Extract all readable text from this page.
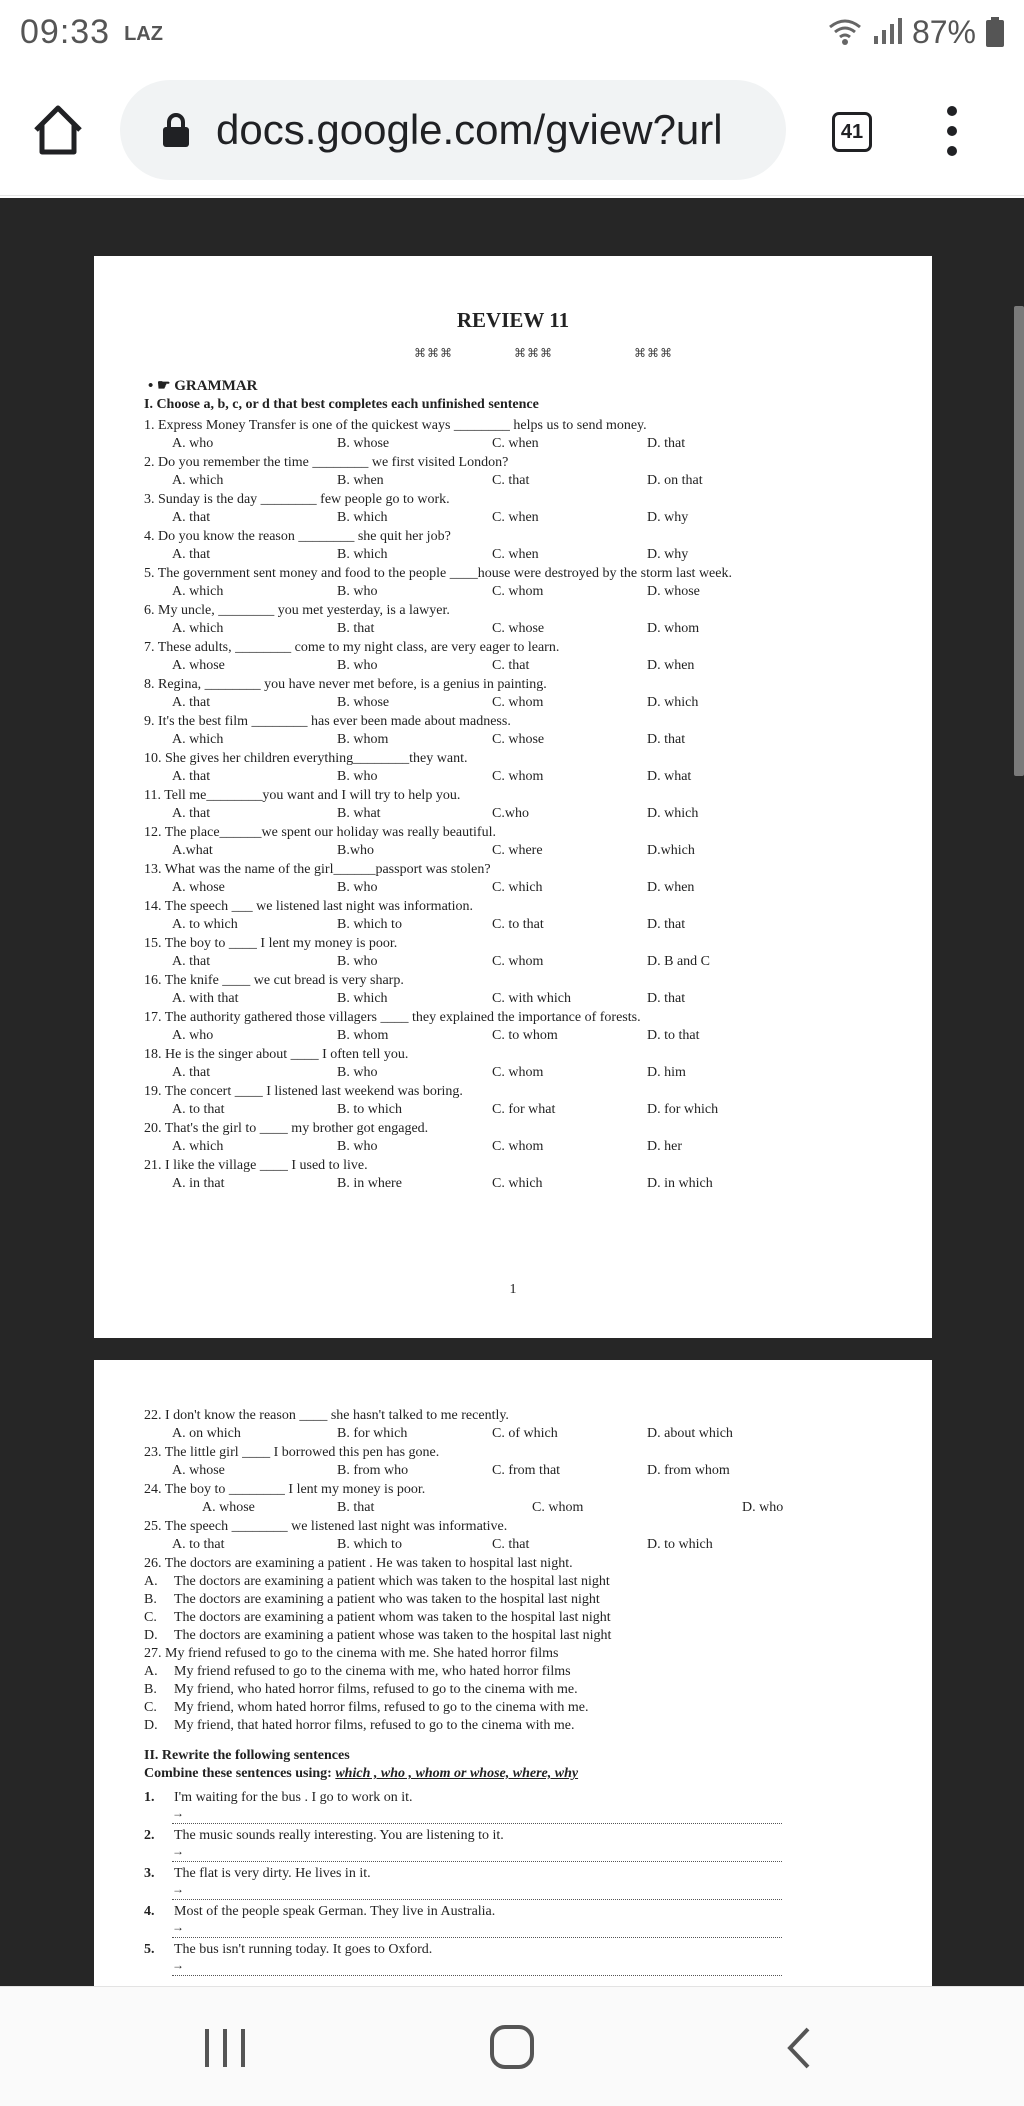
09:33 LAZ	87%
docs.google.com/gview?url	41
REVIEW 11
⌘⌘⌘	⌘⌘⌘	⌘⌘⌘
• ☛ GRAMMAR
I. Choose a, b, c, or d that best completes each unfinished sentence
1. Express Money Transfer is one of the quickest ways ________ helps us to send money.
A. who	B. whose	C. when	D. that
2. Do you remember the time ________ we first visited London?
A. which	B. when	C. that	D. on that
3. Sunday is the day ________ few people go to work.
A. that	B. which	C. when	D. why
4. Do you know the reason ________ she quit her job?
A. that	B. which	C. when	D. why
5. The government sent money and food to the people ____house were destroyed by the storm last week.
A. which	B. who	C. whom	D. whose
6. My uncle, ________ you met yesterday, is a lawyer.
A. which	B. that	C. whose	D. whom
7. These adults, ________ come to my night class, are very eager to learn.
A. whose	B. who	C. that	D. when
8. Regina, ________ you have never met before, is a genius in painting.
A. that	B. whose	C. whom	D. which
9. It's the best film ________ has ever been made about madness.
A. which	B. whom	C. whose	D. that
10. She gives her children everything________they want.
A. that	B. who	C. whom	D. what
11. Tell me________you want and I will try to help you.
A. that	B. what	C.who	D. which
12. The place______we spent our holiday was really beautiful.
A.what	B.who	C. where	D.which
13. What was the name of the girl______passport was stolen?
A. whose	B. who	C. which	D. when
14. The speech ___ we listened last night was information.
A. to which	B. which to	C. to that	D. that
15. The boy to ____ I lent my money is poor.
A. that	B. who	C. whom	D. B and C
16. The knife ____ we cut bread is very sharp.
A. with that	B. which	C. with which	D. that
17. The authority gathered those villagers ____ they explained the importance of forests.
A. who	B. whom	C. to whom	D. to that
18. He is the singer about ____ I often tell you.
A. that	B. who	C. whom	D. him
19. The concert ____ I listened last weekend was boring.
A. to that	B. to which	C. for what	D. for which
20. That's the girl to ____ my brother got engaged.
A. which	B. who	C. whom	D. her
21. I like the village ____ I used to live.
A. in that	B. in where	C. which	D. in which
1
22. I don't know the reason ____ she hasn't talked to me recently.
A. on which	B. for which	C. of which	D. about which
23. The little girl ____ I borrowed this pen has gone.
A. whose	B. from who	C. from that	D. from whom
24. The boy to ________ I lent my money is poor.
A. whose	B. that	C. whom	D. who
25. The speech ________ we listened last night was informative.
A. to that	B. which to	C. that	D. to which
26. The doctors are examining a patient . He was taken to hospital last night.
A. The doctors are examining a patient which was taken to the hospital last night
B. The doctors are examining a patient who was taken to the hospital last night
C. The doctors are examining a patient whom was taken to the hospital last night
D. The doctors are examining a patient whose was taken to the hospital last night
27. My friend refused to go to the cinema with me. She hated horror films
A. My friend refused to go to the cinema with me, who hated horror films
B. My friend, who hated horror films, refused to go to the cinema with me.
C. My friend, whom hated horror films, refused to go to the cinema with me.
D. My friend, that hated horror films, refused to go to the cinema with me.
II. Rewrite the following sentences
Combine these sentences using: which , who , whom or whose, where, why
1. I'm waiting for the bus . I go to work on it.
→
2. The music sounds really interesting. You are listening to it.
→
3. The flat is very dirty. He lives in it.
→
4. Most of the people speak German. They live in Australia.
→
5. The bus isn't running today. It goes to Oxford.
→
